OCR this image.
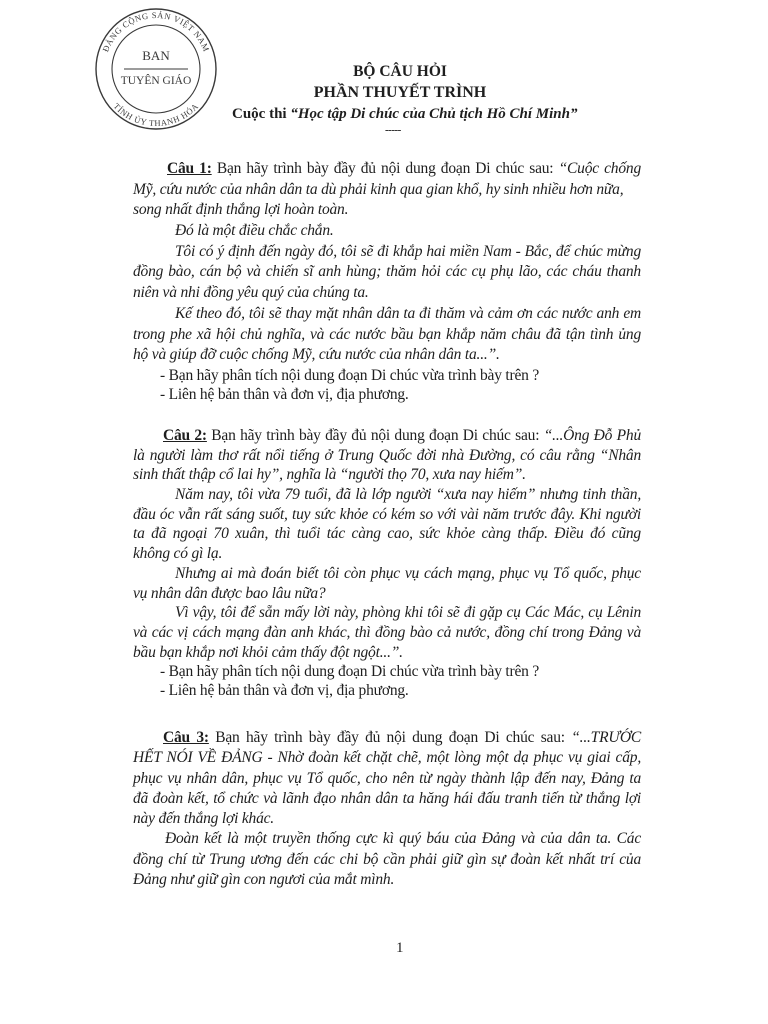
ĐẢNG CỘNG SẢN VIỆT NAM
TỈNH ỦY THANH HÓA
BAN
TUYÊN GIÁO
BỘ CÂU HỎI
PHẦN THUYẾT TRÌNH
Cuộc thi “Học tập Di chúc của Chủ tịch Hồ Chí Minh”
-----
Câu 1: Bạn hãy trình bày đầy đủ nội dung đoạn Di chúc sau: “Cuộc chống
Mỹ, cứu nước của nhân dân ta dù phải kinh qua gian khổ, hy sinh nhiều hơn nữa,
song nhất định thắng lợi hoàn toàn.
Đó là một điều chắc chắn.
Tôi có ý định đến ngày đó, tôi sẽ đi khắp hai miền Nam - Bắc, để chúc mừng
đồng bào, cán bộ và chiến sĩ anh hùng; thăm hỏi các cụ phụ lão, các cháu thanh
niên và nhi đồng yêu quý của chúng ta.
Kế theo đó, tôi sẽ thay mặt nhân dân ta đi thăm và cảm ơn các nước anh em
trong phe xã hội chủ nghĩa, và các nước bầu bạn khắp năm châu đã tận tình ủng
hộ và giúp đỡ cuộc chống Mỹ, cứu nước của nhân dân ta...”.
- Bạn hãy phân tích nội dung đoạn Di chúc vừa trình bày trên ?
- Liên hệ bản thân và đơn vị, địa phương.
Câu 2: Bạn hãy trình bày đầy đủ nội dung đoạn Di chúc sau: “...Ông Đỗ Phủ
là người làm thơ rất nổi tiếng ở Trung Quốc đời nhà Đường, có câu rằng “Nhân
sinh thất thập cổ lai hy”, nghĩa là “người thọ 70, xưa nay hiếm”.
Năm nay, tôi vừa 79 tuổi, đã là lớp người “xưa nay hiếm” nhưng tinh thần,
đầu óc vẫn rất sáng suốt, tuy sức khỏe có kém so với vài năm trước đây. Khi người
ta đã ngoại 70 xuân, thì tuổi tác càng cao, sức khỏe càng thấp. Điều đó cũng
không có gì lạ.
Nhưng ai mà đoán biết tôi còn phục vụ cách mạng, phục vụ Tổ quốc, phục
vụ nhân dân được bao lâu nữa?
Vì vậy, tôi để sẵn mấy lời này, phòng khi tôi sẽ đi gặp cụ Các Mác, cụ Lênin
và các vị cách mạng đàn anh khác, thì đồng bào cả nước, đồng chí trong Đảng và
bầu bạn khắp nơi khỏi cảm thấy đột ngột...”.
- Bạn hãy phân tích nội dung đoạn Di chúc vừa trình bày trên ?
- Liên hệ bản thân và đơn vị, địa phương.
Câu 3: Bạn hãy trình bày đầy đủ nội dung đoạn Di chúc sau: “...TRƯỚC
HẾT NÓI VỀ ĐẢNG - Nhờ đoàn kết chặt chẽ, một lòng một dạ phục vụ giai cấp,
phục vụ nhân dân, phục vụ Tổ quốc, cho nên từ ngày thành lập đến nay, Đảng ta
đã đoàn kết, tổ chức và lãnh đạo nhân dân ta hăng hái đấu tranh tiến từ thắng lợi
này đến thắng lợi khác.
Đoàn kết là một truyền thống cực kì quý báu của Đảng và của dân ta. Các
đồng chí từ Trung ương đến các chi bộ cần phải giữ gìn sự đoàn kết nhất trí của
Đảng như giữ gìn con ngươi của mắt mình.
1
